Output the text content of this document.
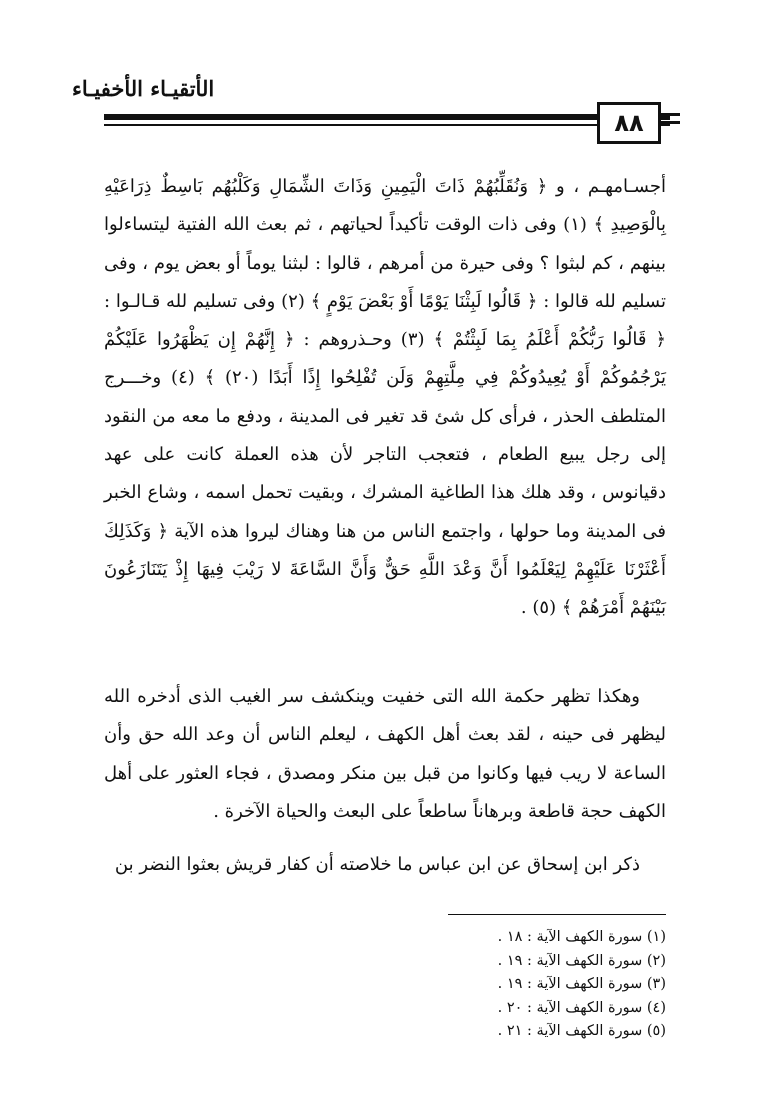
الأتقيـاء الأخفيـاء
٨٨

أجسـامهـم ، و ﴿ وَنُقَلِّبُهُمْ ذَاتَ الْيَمِينِ وَذَاتَ الشِّمَالِ وَكَلْبُهُم بَاسِطٌ ذِرَاعَيْهِ بِالْوَصِيدِ ﴾ (١) وفى ذات الوقت تأكيداً لحياتهم ، ثم بعث الله الفتية ليتساءلوا بينهم ، كم لبثوا ؟ وفى حيرة من أمرهم ، قالوا : لبثنا يوماً أو بعض يوم ، وفى تسليم لله قالوا : ﴿ قَالُوا لَبِثْنَا يَوْمًا أَوْ بَعْضَ يَوْمٍ ﴾ (٢) وفى تسليم لله قـالـوا : ﴿ قَالُوا رَبُّكُمْ أَعْلَمُ بِمَا لَبِثْتُمْ ﴾ (٣) وحـذروهم : ﴿ إِنَّهُمْ إِن يَظْهَرُوا عَلَيْكُمْ يَرْجُمُوكُمْ أَوْ يُعِيدُوكُمْ فِي مِلَّتِهِمْ وَلَن تُفْلِحُوا إِذًا أَبَدًا (٢٠) ﴾ (٤) وخـــرج المتلطف الحذر ، فرأى كل شئ قد تغير فى المدينة ، ودفع ما معه من النقود إلى رجل يبيع الطعام ، فتعجب التاجر لأن هذه العملة كانت على عهد دقيانوس ، وقد هلك هذا الطاغية المشرك ، وبقيت تحمل اسمه ، وشاع الخبر فى المدينة وما حولها ، واجتمع الناس من هنا وهناك ليروا هذه الآية ﴿ وَكَذَلِكَ أَعْثَرْنَا عَلَيْهِمْ لِيَعْلَمُوا أَنَّ وَعْدَ اللَّهِ حَقٌّ وَأَنَّ السَّاعَةَ لا رَيْبَ فِيهَا إِذْ يَتَنَازَعُونَ بَيْنَهُمْ أَمْرَهُمْ ﴾ (٥) .

وهكذا تظهر حكمة الله التى خفيت وينكشف سر الغيب الذى أدخره الله ليظهر فى حينه ، لقد بعث أهل الكهف ، ليعلم الناس أن وعد الله حق وأن الساعة لا ريب فيها وكانوا من قبل بين منكر ومصدق ، فجاء العثور على أهل الكهف حجة قاطعة وبرهاناً ساطعاً على البعث والحياة الآخرة .

ذكر ابن إسحاق عن ابن عباس ما خلاصته أن كفار قريش بعثوا النضر بن

(١) سورة الكهف الآية : ١٨ .
(٢) سورة الكهف الآية : ١٩ .
(٣) سورة الكهف الآية : ١٩ .
(٤) سورة الكهف الآية : ٢٠ .
(٥) سورة الكهف الآية : ٢١ .
